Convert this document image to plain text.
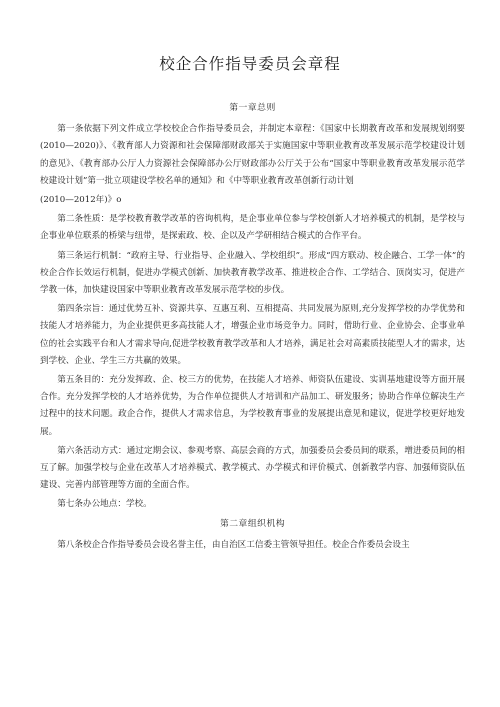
校企合作指导委员会章程
第一章总则

第一条依据下列文件成立学校校企合作指导委员会，并制定本章程：《国家中长期教育改革和发展规划纲要(2010—2020)》、《教育部人力资源和社会保障部财政部关于实施国家中等职业教育改革发展示范学校建设计划的意见》、《教育部办公厅人力资源社会保障部办公厅财政部办公厅关于公布“国家中等职业教育改革发展示范学校建设计划”第一批立项建设学校名单的通知》和《中等职业教育改革创新行动计划

(2010—2012年)》o

第二条性质：是学校教育教学改革的咨询机构，是企事业单位参与学校创新人才培养模式的机制，是学校与企事业单位联系的桥梁与纽带，是探索政、校、企以及产学研相结合模式的合作平台。

第三条运行机制：“政府主导、行业指导、企业融入、学校组织”。形成“四方联动、校企融合、工学一体”的校企合作长效运行机制，促进办学模式创新、加快教育教学改革、推进校企合作、工学结合、顶岗实习，促进产学教一体，加快建设国家中等职业教育改革发展示范学校的步伐。

第四条宗旨：通过优势互补、资源共享、互惠互利、互相提高、共同发展为原则,充分发挥学校的办学优势和技能人才培养能力，为企业提供更多高技能人才，增强企业市场竞争力。同时，借助行业、企业协会、企事业单位的社会实践平台和人才需求导向,促进学校教育教学改革和人才培养，满足社会对高素质技能型人才的需求，达到学校、企业、学生三方共赢的效果。

第五条目的：充分发挥政、企、校三方的优势，在技能人才培养、师资队伍建设、实训基地建设等方面开展合作。充分发挥学校的人才培养优势，为合作单位提供人才培训和产品加工、研发服务；协助合作单位解决生产过程中的技术问题。政企合作，提供人才需求信息，为学校教育事业的发展提出意见和建议，促进学校更好地发展。

第六条活动方式：通过定期会议、参观考察、高层会商的方式，加强委员会委员间的联系，增进委员间的相互了解。加强学校与企业在改革人才培养模式、教学模式、办学模式和评价模式、创新教学内容、加强师资队伍建设、完善内部管理等方面的全面合作。

第七条办公地点：学校。

第二章组织机构

第八条校企合作指导委员会设名誉主任，由自治区工信委主管领导担任。校企合作委员会设主
